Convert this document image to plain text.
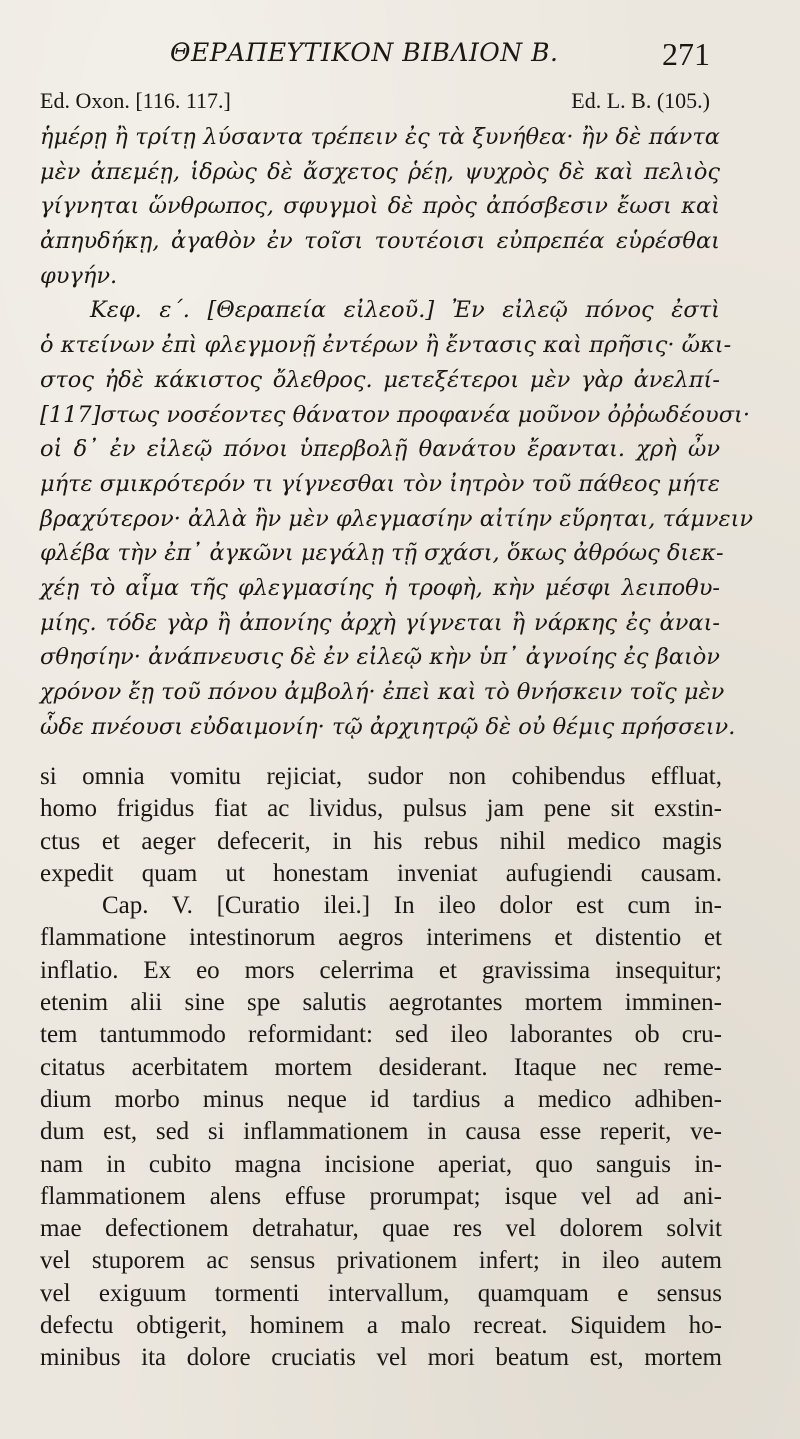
ΘΕΡΑΠΕΥΤΙΚΟΝ ΒΙΒΛΙΟΝ Β.	271
Ed. Oxon. [116. 117.]	Ed. L. B. (105.)
ἡμέρῃ ἢ τρίτῃ λύσαντα τρέπειν ἐς τὰ ξυνήθεα· ἢν δὲ πάντα
μὲν ἀπεμέῃ, ἱδρὼς δὲ ἄσχετος ῥέῃ, ψυχρὸς δὲ καὶ πελιὸς
γίγνηται ὥνθρωπος, σφυγμοὶ δὲ πρὸς ἀπόσβεσιν ἔωσι καὶ
ἀπηυδήκῃ, ἀγαθὸν ἐν τοῖσι τουτέοισι εὐπρεπέα εὑρέσθαι
φυγήν.
Κεφ. ε΄. [Θεραπεία εἰλεοῦ.] Ἐν εἰλεῷ πόνος ἐστὶ
ὁ κτείνων ἐπὶ φλεγμονῇ ἐντέρων ἢ ἔντασις καὶ πρῆσις· ὤκι-
στος ἠδὲ κάκιστος ὄλεθρος. μετεξέτεροι μὲν γὰρ ἀνελπί-
[117]στως νοσέοντες θάνατον προφανέα μοῦνον ὀῤῥωδέουσι·
οἱ δ᾽ ἐν εἰλεῷ πόνοι ὑπερβολῇ θανάτου ἔρανται. χρὴ ὦν
μήτε σμικρότερόν τι γίγνεσθαι τὸν ἰητρὸν τοῦ πάθεος μήτε
βραχύτερον· ἀλλὰ ἢν μὲν φλεγμασίην αἰτίην εὕρηται, τάμνειν
φλέβα τὴν ἐπ᾽ ἀγκῶνι μεγάλῃ τῇ σχάσι, ὅκως ἀθρόως διεκ-
χέῃ τὸ αἷμα τῆς φλεγμασίης ἡ τροφὴ, κὴν μέσφι λειποθυ-
μίης. τόδε γὰρ ἢ ἀπονίης ἀρχὴ γίγνεται ἢ νάρκης ἐς ἀναι-
σθησίην· ἀνάπνευσις δὲ ἐν εἰλεῷ κὴν ὑπ᾽ ἀγνοίης ἐς βαιὸν
χρόνον ἔῃ τοῦ πόνου ἀμβολή· ἐπεὶ καὶ τὸ θνήσκειν τοῖς μὲν
ὧδε πνέουσι εὐδαιμονίη· τῷ ἀρχιητρῷ δὲ οὐ θέμις πρήσσειν.
si omnia vomitu rejiciat, sudor non cohibendus effluat,
homo frigidus fiat ac lividus, pulsus jam pene sit exstin-
ctus et aeger defecerit, in his rebus nihil medico magis
expedit quam ut honestam inveniat aufugiendi causam.
Cap. V. [Curatio ilei.] In ileo dolor est cum in-
flammatione intestinorum aegros interimens et distentio et
inflatio. Ex eo mors celerrima et gravissima insequitur;
etenim alii sine spe salutis aegrotantes mortem imminen-
tem tantummodo reformidant: sed ileo laborantes ob cru-
citatus acerbitatem mortem desiderant. Itaque nec reme-
dium morbo minus neque id tardius a medico adhiben-
dum est, sed si inflammationem in causa esse reperit, ve-
nam in cubito magna incisione aperiat, quo sanguis in-
flammationem alens effuse prorumpat; isque vel ad ani-
mae defectionem detrahatur, quae res vel dolorem solvit
vel stuporem ac sensus privationem infert; in ileo autem
vel exiguum tormenti intervallum, quamquam e sensus
defectu obtigerit, hominem a malo recreat. Siquidem ho-
minibus ita dolore cruciatis vel mori beatum est, mortem
